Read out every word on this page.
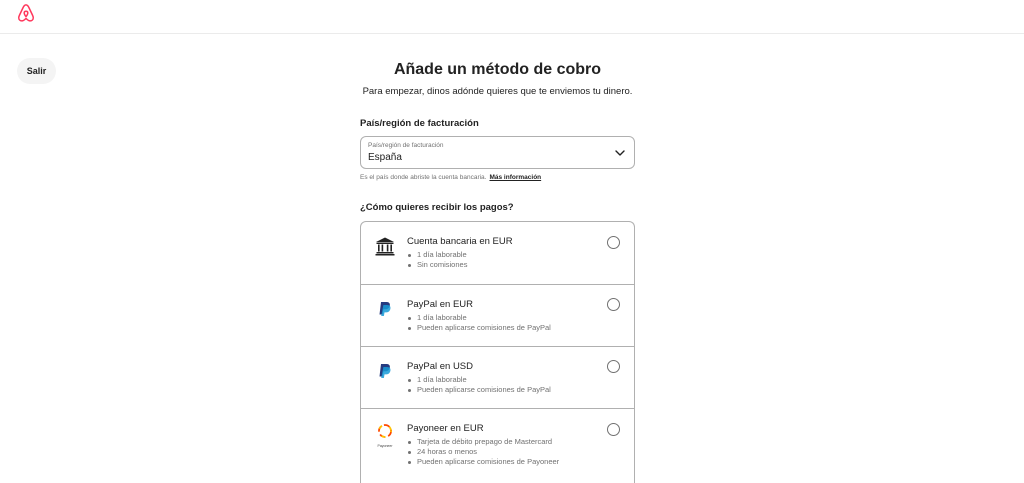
Salir	Añade un método de cobro
Para empezar, dinos adónde quieres que te enviemos tu dinero.
País/región de facturación
País/región de facturación
España
Es el país donde abriste la cuenta bancaria. Más información
¿Cómo quieres recibir los pagos?
Cuenta bancaria en EUR
1 día laborable
Sin comisiones
PayPal en EUR
1 día laborable
Pueden aplicarse comisiones de PayPal
PayPal en USD
1 día laborable
Pueden aplicarse comisiones de PayPal
Payoneer
Payoneer en EUR
Tarjeta de débito prepago de Mastercard
24 horas o menos
Pueden aplicarse comisiones de Payoneer
